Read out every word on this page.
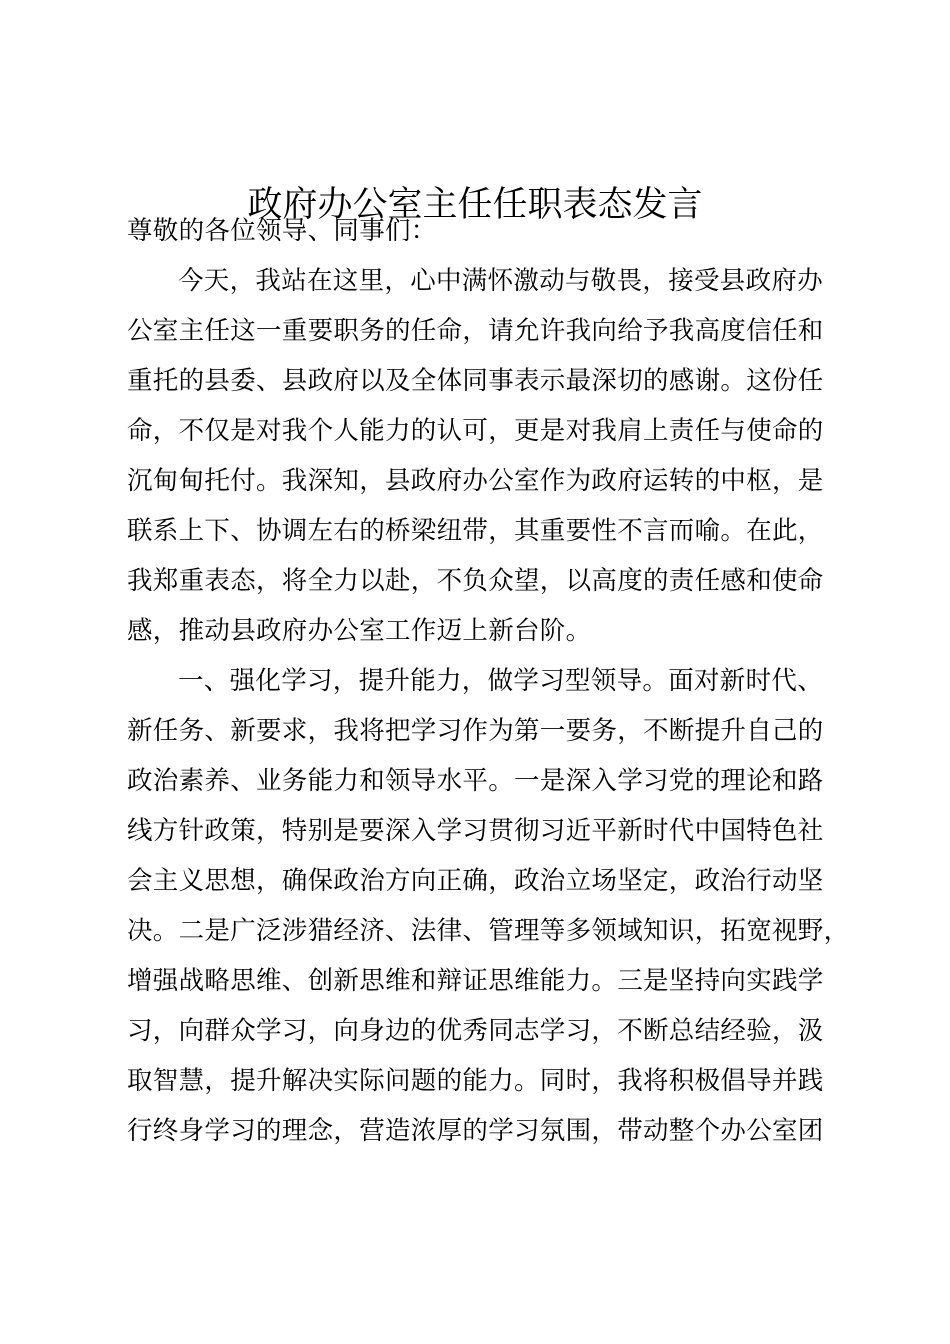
政府办公室主任任职表态发言
尊敬的各位领导、同事们：
今天，我站在这里，心中满怀激动与敬畏，接受县政府办
公室主任这一重要职务的任命，请允许我向给予我高度信任和
重托的县委、县政府以及全体同事表示最深切的感谢。这份任
命，不仅是对我个人能力的认可，更是对我肩上责任与使命的
沉甸甸托付。我深知，县政府办公室作为政府运转的中枢，是
联系上下、协调左右的桥梁纽带，其重要性不言而喻。在此，
我郑重表态，将全力以赴，不负众望，以高度的责任感和使命
感，推动县政府办公室工作迈上新台阶。
一、强化学习，提升能力，做学习型领导。面对新时代、
新任务、新要求，我将把学习作为第一要务，不断提升自己的
政治素养、业务能力和领导水平。一是深入学习党的理论和路
线方针政策，特别是要深入学习贯彻习近平新时代中国特色社
会主义思想，确保政治方向正确，政治立场坚定，政治行动坚
决。二是广泛涉猎经济、法律、管理等多领域知识，拓宽视野，
增强战略思维、创新思维和辩证思维能力。三是坚持向实践学
习，向群众学习，向身边的优秀同志学习，不断总结经验，汲
取智慧，提升解决实际问题的能力。同时，我将积极倡导并践
行终身学习的理念，营造浓厚的学习氛围，带动整个办公室团
